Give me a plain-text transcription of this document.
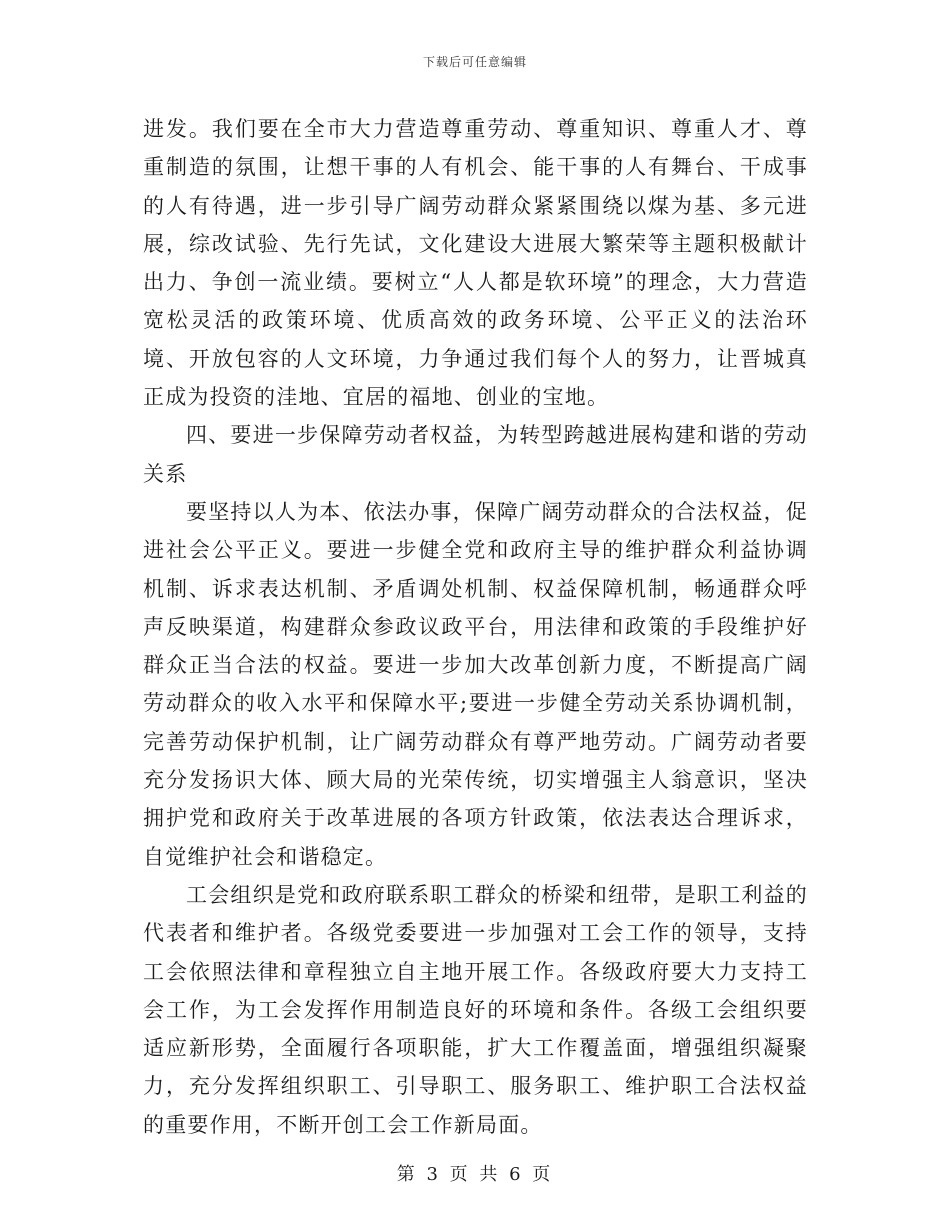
下载后可任意编辑

进发。我们要在全市大力营造尊重劳动、尊重知识、尊重人才、尊重制造的氛围，让想干事的人有机会、能干事的人有舞台、干成事的人有待遇，进一步引导广阔劳动群众紧紧围绕以煤为基、多元进展，综改试验、先行先试，文化建设大进展大繁荣等主题积极献计出力、争创一流业绩。要树立“人人都是软环境”的理念，大力营造宽松灵活的政策环境、优质高效的政务环境、公平正义的法治环境、开放包容的人文环境，力争通过我们每个人的努力，让晋城真正成为投资的洼地、宜居的福地、创业的宝地。

四、要进一步保障劳动者权益，为转型跨越进展构建和谐的劳动关系

要坚持以人为本、依法办事，保障广阔劳动群众的合法权益，促进社会公平正义。要进一步健全党和政府主导的维护群众利益协调机制、诉求表达机制、矛盾调处机制、权益保障机制，畅通群众呼声反映渠道，构建群众参政议政平台，用法律和政策的手段维护好群众正当合法的权益。要进一步加大改革创新力度，不断提高广阔劳动群众的收入水平和保障水平;要进一步健全劳动关系协调机制，完善劳动保护机制，让广阔劳动群众有尊严地劳动。广阔劳动者要充分发扬识大体、顾大局的光荣传统，切实增强主人翁意识，坚决拥护党和政府关于改革进展的各项方针政策，依法表达合理诉求，自觉维护社会和谐稳定。

工会组织是党和政府联系职工群众的桥梁和纽带，是职工利益的代表者和维护者。各级党委要进一步加强对工会工作的领导，支持工会依照法律和章程独立自主地开展工作。各级政府要大力支持工会工作，为工会发挥作用制造良好的环境和条件。各级工会组织要适应新形势，全面履行各项职能，扩大工作覆盖面，增强组织凝聚力，充分发挥组织职工、引导职工、服务职工、维护职工合法权益的重要作用，不断开创工会工作新局面。

第 3 页 共 6 页
